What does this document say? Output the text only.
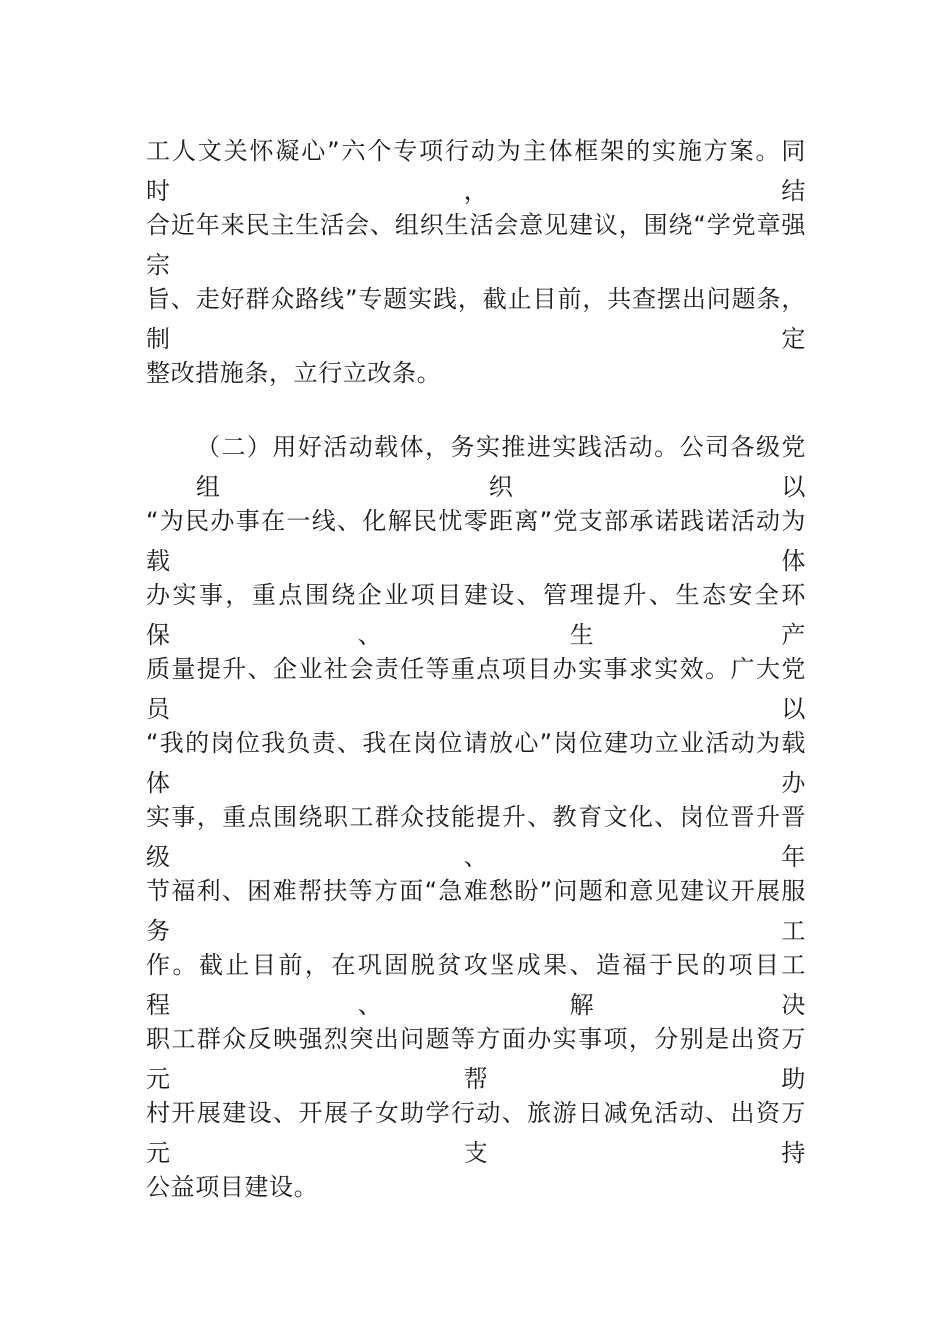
工人文关怀凝心”六个专项行动为主体框架的实施方案。同时，结
合近年来民主生活会、组织生活会意见建议，围绕“学党章强宗
旨、走好群众路线”专题实践，截止目前，共查摆出问题条，制定
整改措施条，立行立改条。
（二）用好活动载体，务实推进实践活动。公司各级党组织以
“为民办事在一线、化解民忧零距离”党支部承诺践诺活动为载体
办实事，重点围绕企业项目建设、管理提升、生态安全环保、生产
质量提升、企业社会责任等重点项目办实事求实效。广大党员以
“我的岗位我负责、我在岗位请放心”岗位建功立业活动为载体办
实事，重点围绕职工群众技能提升、教育文化、岗位晋升晋级、年
节福利、困难帮扶等方面“急难愁盼”问题和意见建议开展服务工
作。截止目前，在巩固脱贫攻坚成果、造福于民的项目工程、解决
职工群众反映强烈突出问题等方面办实事项，分别是出资万元帮助
村开展建设、开展子女助学行动、旅游日减免活动、出资万元支持
公益项目建设。
